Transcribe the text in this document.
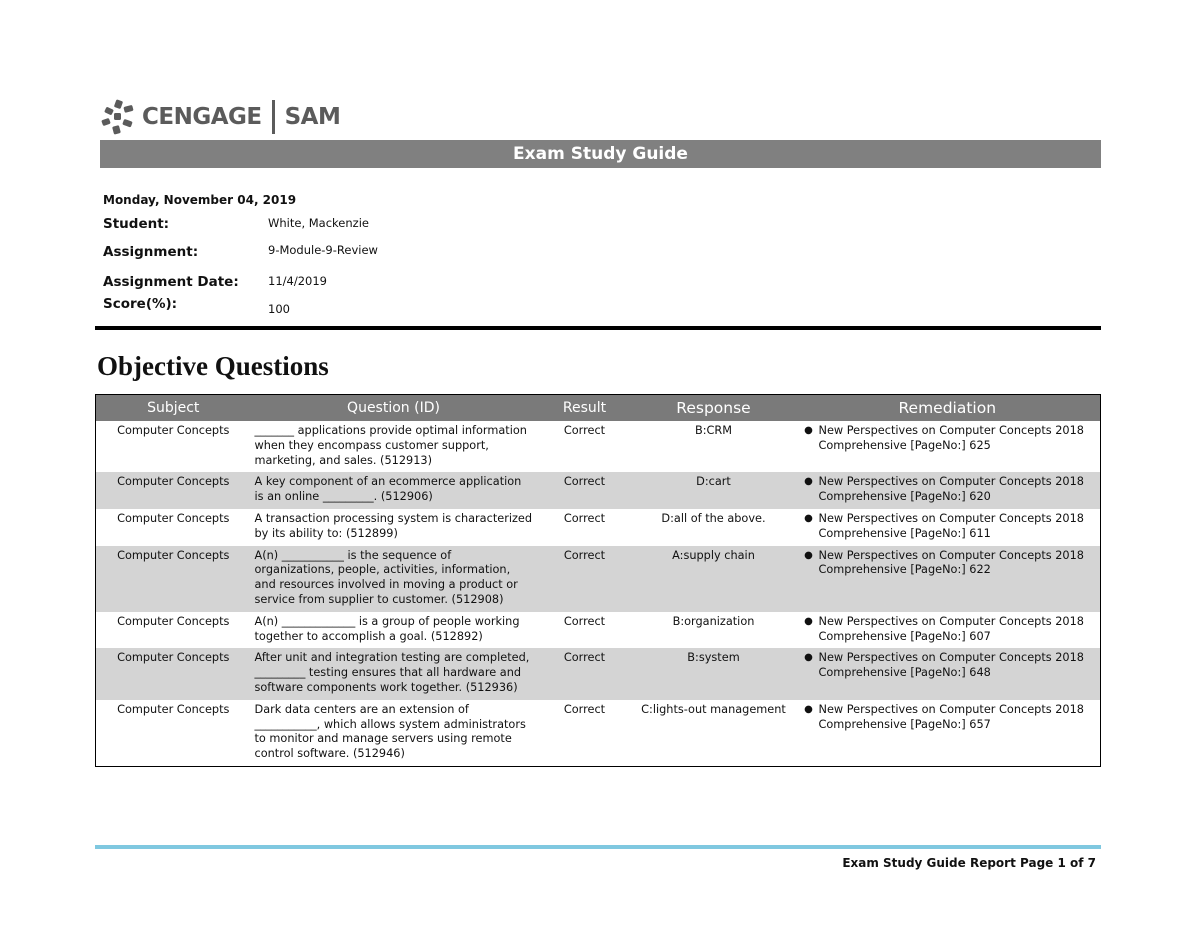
CENGAGE SAM
Exam Study Guide
Monday, November 04, 2019
Student:	White, Mackenzie
Assignment:	9-Module-9-Review
Assignment Date:	11/4/2019
Score(%):	100
Objective Questions
Subject	Question (ID)	Result	Response	Remediation
Computer Concepts	_______ applications provide optimal information when they encompass customer support, marketing, and sales. (512913)	Correct	B:CRM	● New Perspectives on Computer Concepts 2018 Comprehensive [PageNo:] 625

Computer Concepts	A key component of an ecommerce application is an online _________. (512906)	Correct	D:cart	● New Perspectives on Computer Concepts 2018 Comprehensive [PageNo:] 620

Computer Concepts	A transaction processing system is characterized by its ability to: (512899)	Correct	D:all of the above.	● New Perspectives on Computer Concepts 2018 Comprehensive [PageNo:] 611

Computer Concepts	A(n) ___________ is the sequence of organizations, people, activities, information, and resources involved in moving a product or service from supplier to customer. (512908)	Correct	A:supply chain	● New Perspectives on Computer Concepts 2018 Comprehensive [PageNo:] 622

Computer Concepts	A(n) _____________ is a group of people working together to accomplish a goal. (512892)	Correct	B:organization	● New Perspectives on Computer Concepts 2018 Comprehensive [PageNo:] 607

Computer Concepts	After unit and integration testing are completed, _________ testing ensures that all hardware and software components work together. (512936)	Correct	B:system	● New Perspectives on Computer Concepts 2018 Comprehensive [PageNo:] 648

Computer Concepts	Dark data centers are an extension of ___________, which allows system administrators to monitor and manage servers using remote control software. (512946)	Correct	C:lights-out management	● New Perspectives on Computer Concepts 2018 Comprehensive [PageNo:] 657
Exam Study Guide Report Page 1 of 7
